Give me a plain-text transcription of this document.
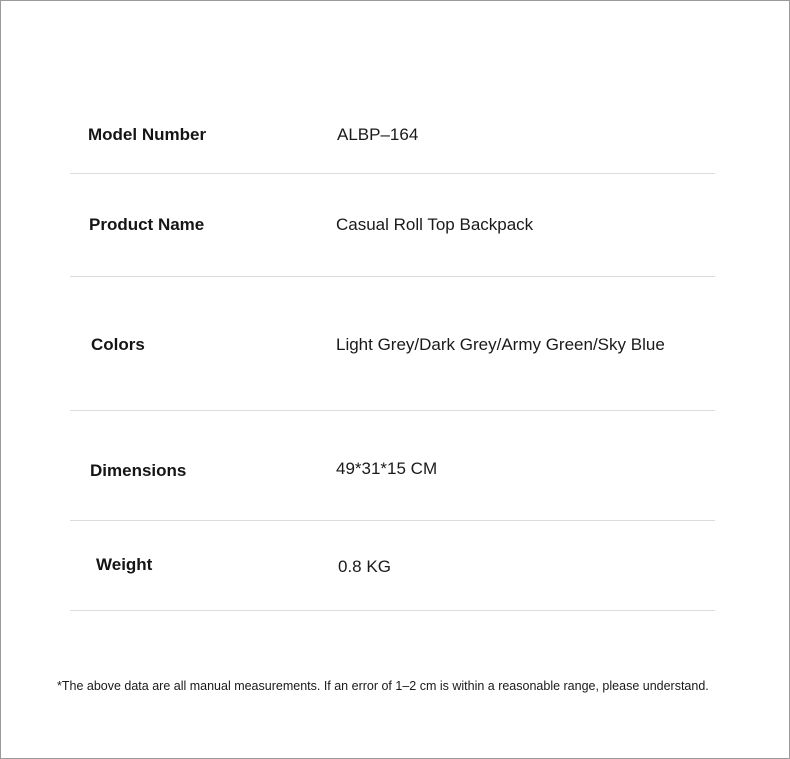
Model Number	ALBP–164
Product Name	Casual Roll Top Backpack
Colors	Light Grey/Dark Grey/Army Green/Sky Blue
Dimensions	49*31*15 CM
Weight	0.8 KG
*The above data are all manual measurements. If an error of 1–2 cm is within a reasonable range, please understand.
